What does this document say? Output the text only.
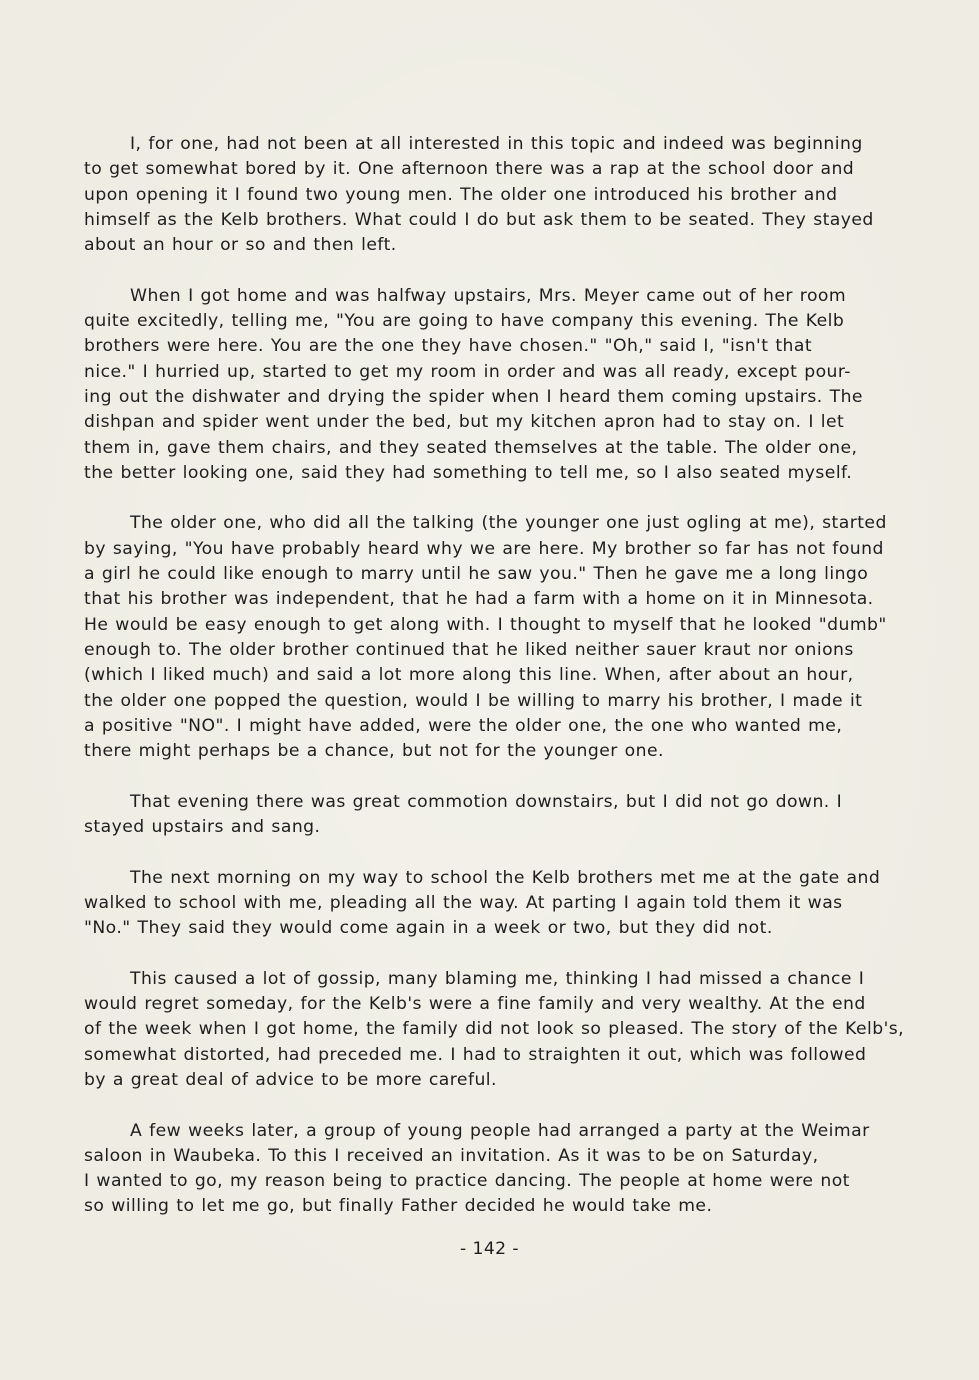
I, for one, had not been at all interested in this topic and indeed was beginning
to get somewhat bored by it. One afternoon there was a rap at the school door and
upon opening it I found two young men. The older one introduced his brother and
himself as the Kelb brothers. What could I do but ask them to be seated. They stayed
about an hour or so and then left.

When I got home and was halfway upstairs, Mrs. Meyer came out of her room
quite excitedly, telling me, "You are going to have company this evening. The Kelb
brothers were here. You are the one they have chosen." "Oh," said I, "isn't that
nice." I hurried up, started to get my room in order and was all ready, except pour-
ing out the dishwater and drying the spider when I heard them coming upstairs. The
dishpan and spider went under the bed, but my kitchen apron had to stay on. I let
them in, gave them chairs, and they seated themselves at the table. The older one,
the better looking one, said they had something to tell me, so I also seated myself.

The older one, who did all the talking (the younger one just ogling at me), started
by saying, "You have probably heard why we are here. My brother so far has not found
a girl he could like enough to marry until he saw you." Then he gave me a long lingo
that his brother was independent, that he had a farm with a home on it in Minnesota.
He would be easy enough to get along with. I thought to myself that he looked "dumb"
enough to. The older brother continued that he liked neither sauer kraut nor onions
(which I liked much) and said a lot more along this line. When, after about an hour,
the older one popped the question, would I be willing to marry his brother, I made it
a positive "NO". I might have added, were the older one, the one who wanted me,
there might perhaps be a chance, but not for the younger one.

That evening there was great commotion downstairs, but I did not go down. I
stayed upstairs and sang.

The next morning on my way to school the Kelb brothers met me at the gate and
walked to school with me, pleading all the way. At parting I again told them it was
"No." They said they would come again in a week or two, but they did not.

This caused a lot of gossip, many blaming me, thinking I had missed a chance I
would regret someday, for the Kelb's were a fine family and very wealthy. At the end
of the week when I got home, the family did not look so pleased. The story of the Kelb's,
somewhat distorted, had preceded me. I had to straighten it out, which was followed
by a great deal of advice to be more careful.

A few weeks later, a group of young people had arranged a party at the Weimar
saloon in Waubeka. To this I received an invitation. As it was to be on Saturday,
I wanted to go, my reason being to practice dancing. The people at home were not
so willing to let me go, but finally Father decided he would take me.

- 142 -
